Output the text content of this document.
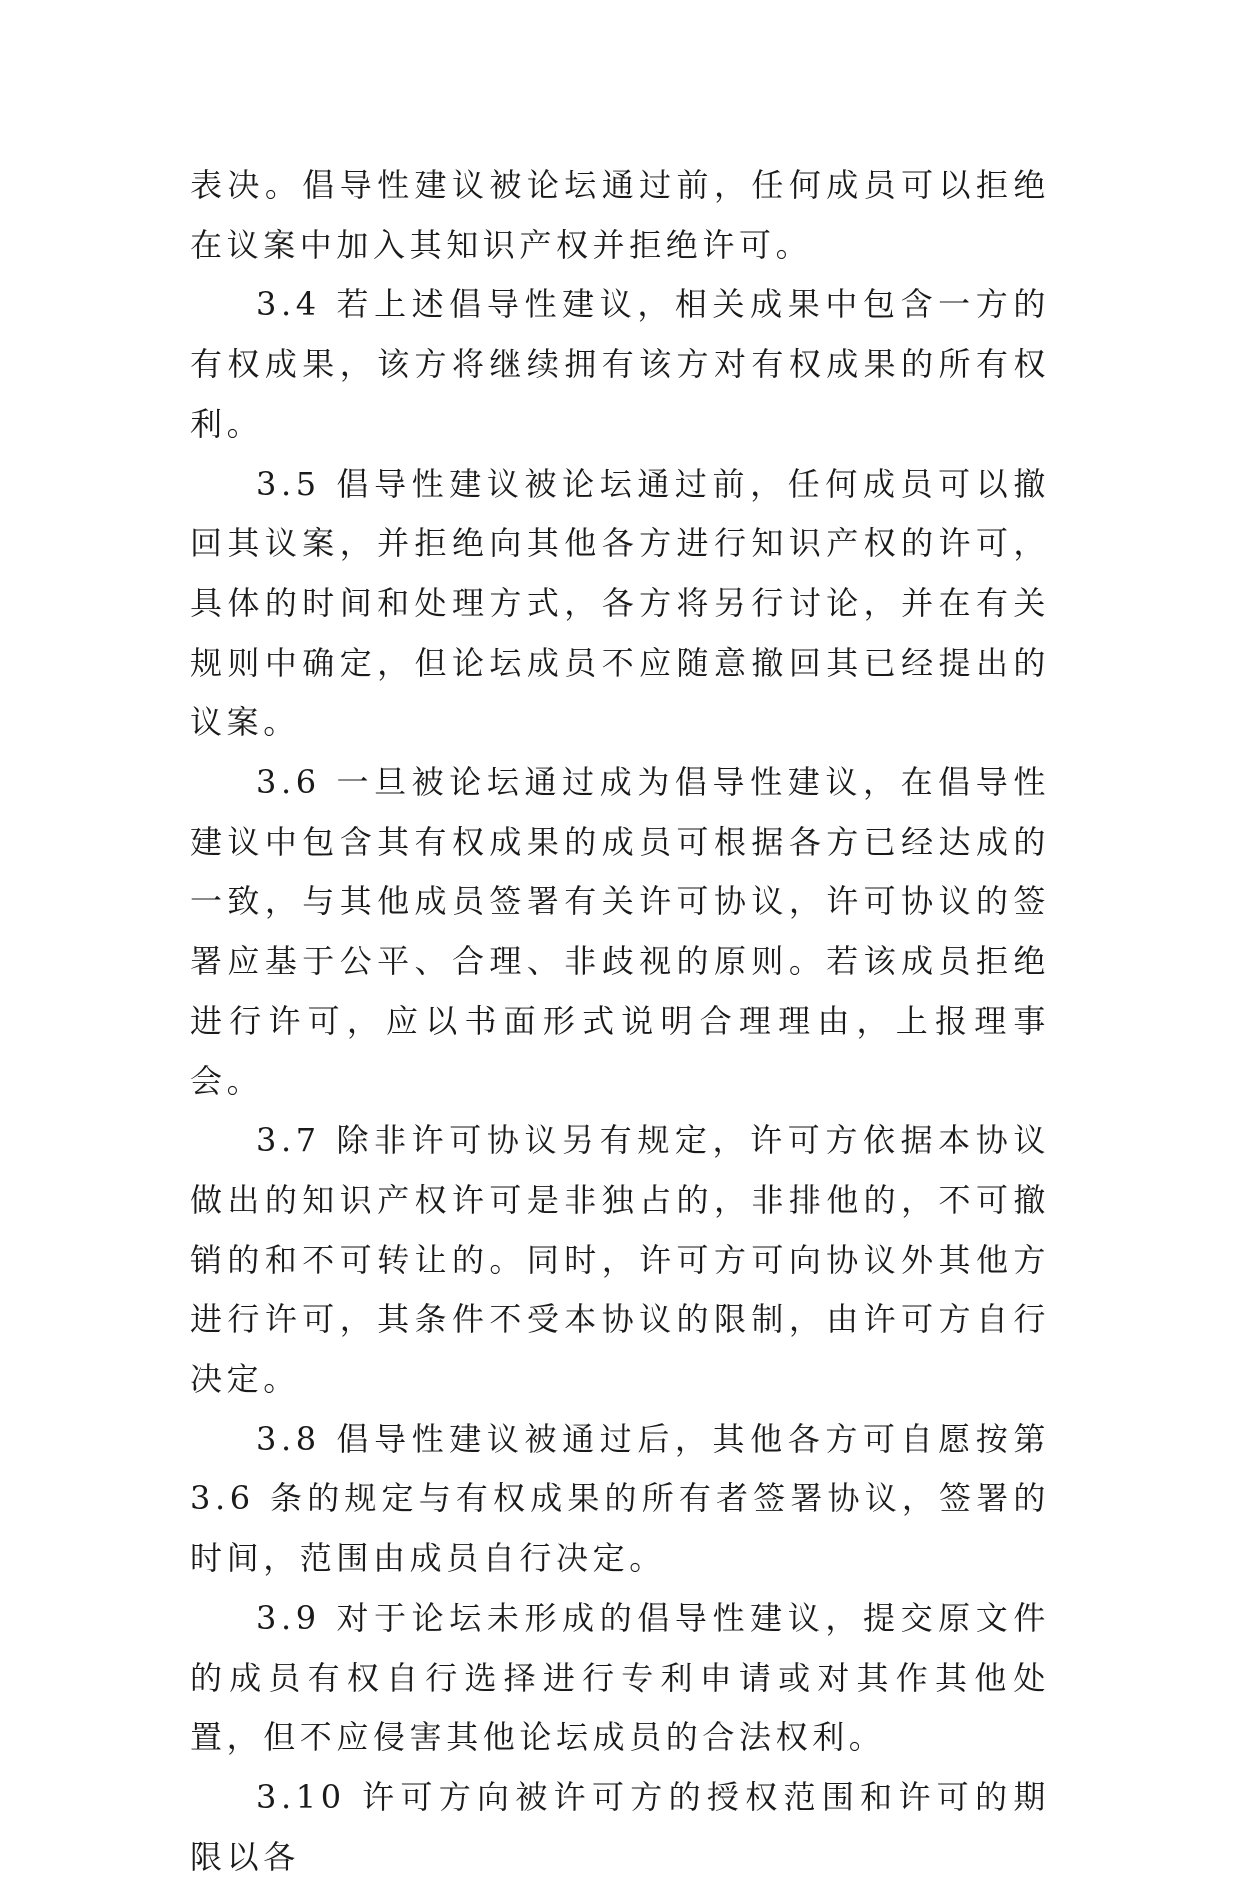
表决。倡导性建议被论坛通过前，任何成员可以拒绝在议案中加入其知识产权并拒绝许可。

3.4 若上述倡导性建议，相关成果中包含一方的有权成果，该方将继续拥有该方对有权成果的所有权利。

3.5 倡导性建议被论坛通过前，任何成员可以撤回其议案，并拒绝向其他各方进行知识产权的许可，具体的时间和处理方式，各方将另行讨论，并在有关规则中确定，但论坛成员不应随意撤回其已经提出的议案。

3.6 一旦被论坛通过成为倡导性建议，在倡导性建议中包含其有权成果的成员可根据各方已经达成的一致，与其他成员签署有关许可协议，许可协议的签署应基于公平、合理、非歧视的原则。若该成员拒绝进行许可，应以书面形式说明合理理由，上报理事会。

3.7 除非许可协议另有规定，许可方依据本协议做出的知识产权许可是非独占的，非排他的，不可撤销的和不可转让的。同时，许可方可向协议外其他方进行许可，其条件不受本协议的限制，由许可方自行决定。

3.8 倡导性建议被通过后，其他各方可自愿按第 3.6 条的规定与有权成果的所有者签署协议，签署的时间，范围由成员自行决定。

3.9 对于论坛未形成的倡导性建议，提交原文件的成员有权自行选择进行专利申请或对其作其他处置，但不应侵害其他论坛成员的合法权利。

3.10 许可方向被许可方的授权范围和许可的期限以各
